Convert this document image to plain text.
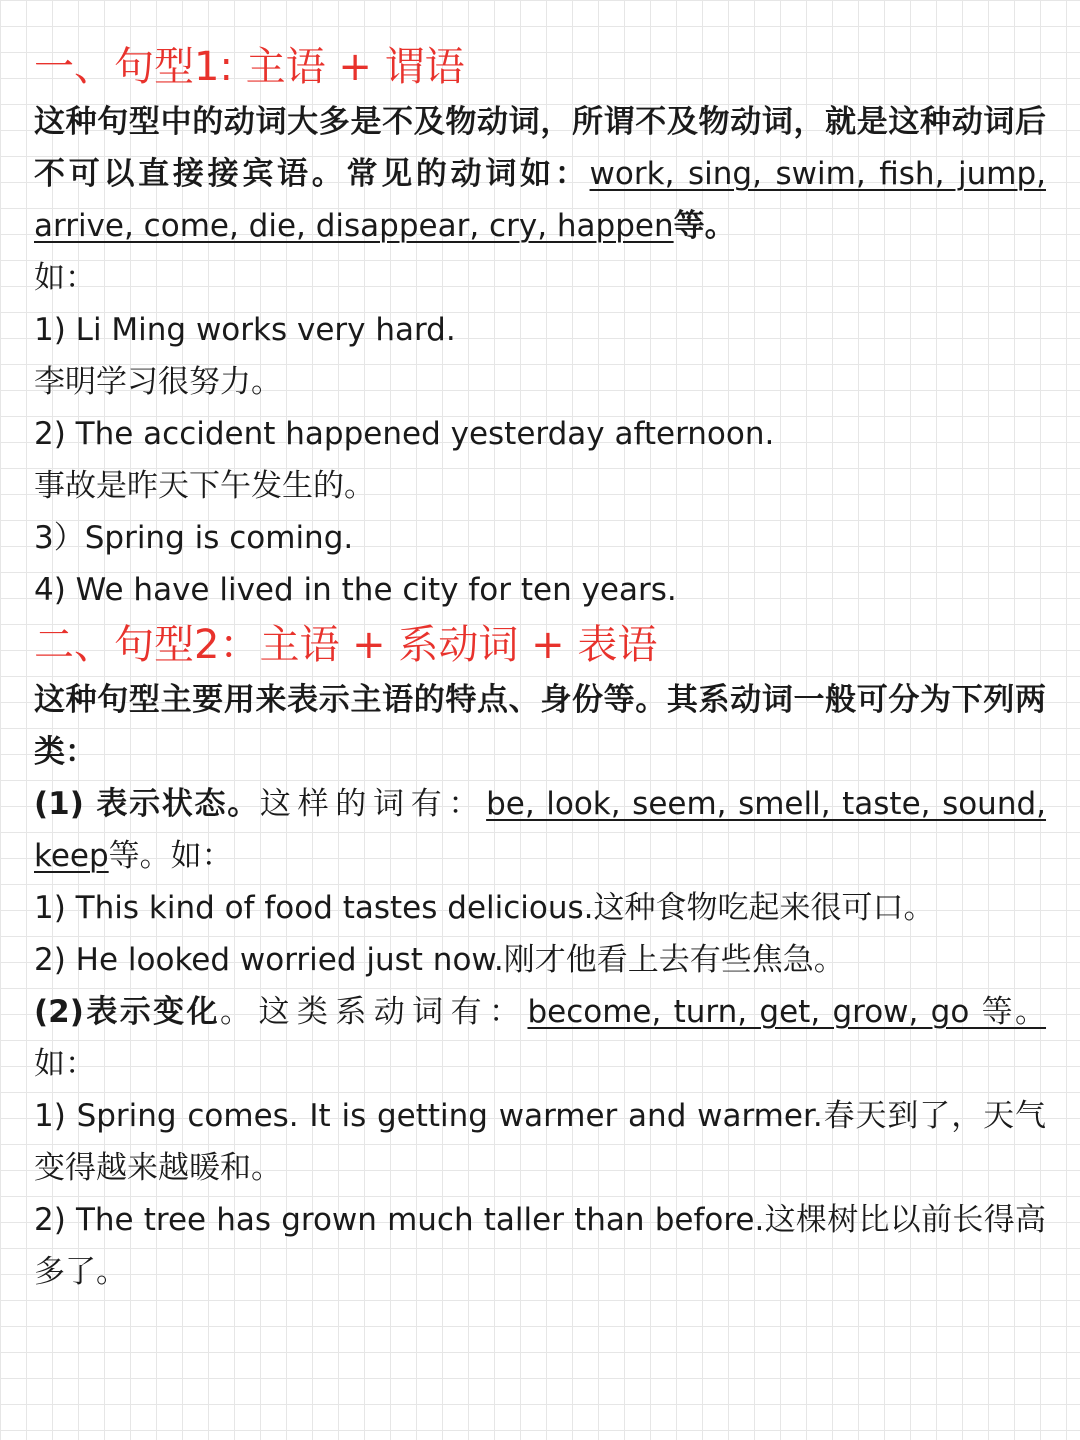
一、句型1: 主语 + 谓语

这种句型中的动词大多是不及物动词，所谓不及物动词，就是这种动词后不可以直接接宾语。常见的动词如：work, sing, swim, fish, jump, arrive, come, die, disappear, cry, happen等。

如：
1) Li Ming works very hard.
李明学习很努力。
2) The accident happened yesterday afternoon.
事故是昨天下午发生的。
3）Spring is coming.
4) We have lived in the city for ten years.
二、句型2：主语 + 系动词 + 表语

这种句型主要用来表示主语的特点、身份等。其系动词一般可分为下列两类：

(1) 表示状态。这样的词有：be, look, seem, smell, taste, sound, keep等。如：

1) This kind of food tastes delicious.这种食物吃起来很可口。
2) He looked worried just now.刚才他看上去有些焦急。

(2)表示变化。这类系动词有：become, turn, get, grow, go 等。如：

1) Spring comes. It is getting warmer and warmer.春天到了，天气变得越来越暖和。

2) The tree has grown much taller than before.这棵树比以前长得高多了。
